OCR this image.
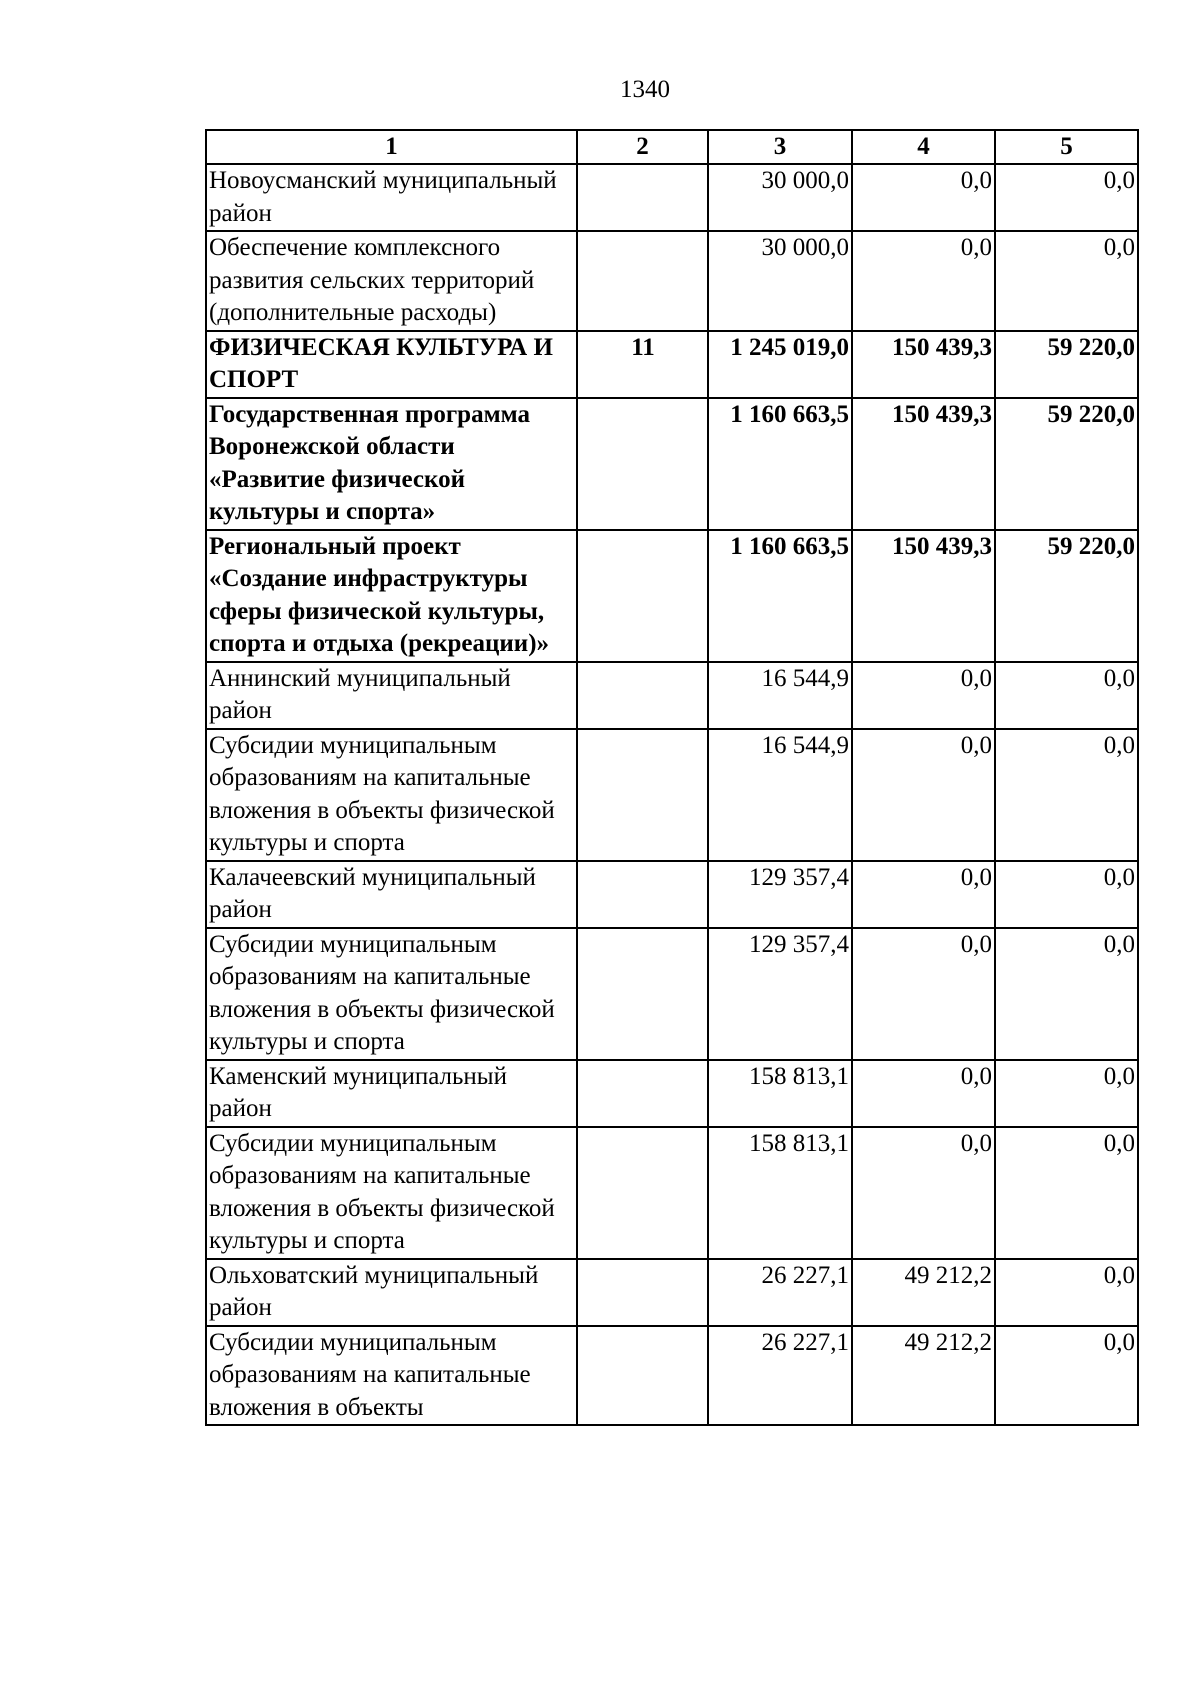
1340
1	2	3	4	5
Новоусманский муниципальный район		30 000,0	0,0	0,0
Обеспечение комплексного развития сельских территорий (дополнительные расходы)		30 000,0	0,0	0,0
ФИЗИЧЕСКАЯ КУЛЬТУРА И СПОРТ	11	1 245 019,0	150 439,3	59 220,0
Государственная программа Воронежской области «Развитие физической культуры и спорта»		1 160 663,5	150 439,3	59 220,0
Региональный проект «Создание инфраструктуры сферы физической культуры, спорта и отдыха (рекреации)»		1 160 663,5	150 439,3	59 220,0
Аннинский муниципальный район		16 544,9	0,0	0,0
Субсидии муниципальным образованиям на капитальные вложения в объекты физической культуры и спорта		16 544,9	0,0	0,0
Калачеевский муниципальный район		129 357,4	0,0	0,0
Субсидии муниципальным образованиям на капитальные вложения в объекты физической культуры и спорта		129 357,4	0,0	0,0
Каменский муниципальный район		158 813,1	0,0	0,0
Субсидии муниципальным образованиям на капитальные вложения в объекты физической культуры и спорта		158 813,1	0,0	0,0
Ольховатский муниципальный район		26 227,1	49 212,2	0,0
Субсидии муниципальным образованиям на капитальные вложения в объекты		26 227,1	49 212,2	0,0
